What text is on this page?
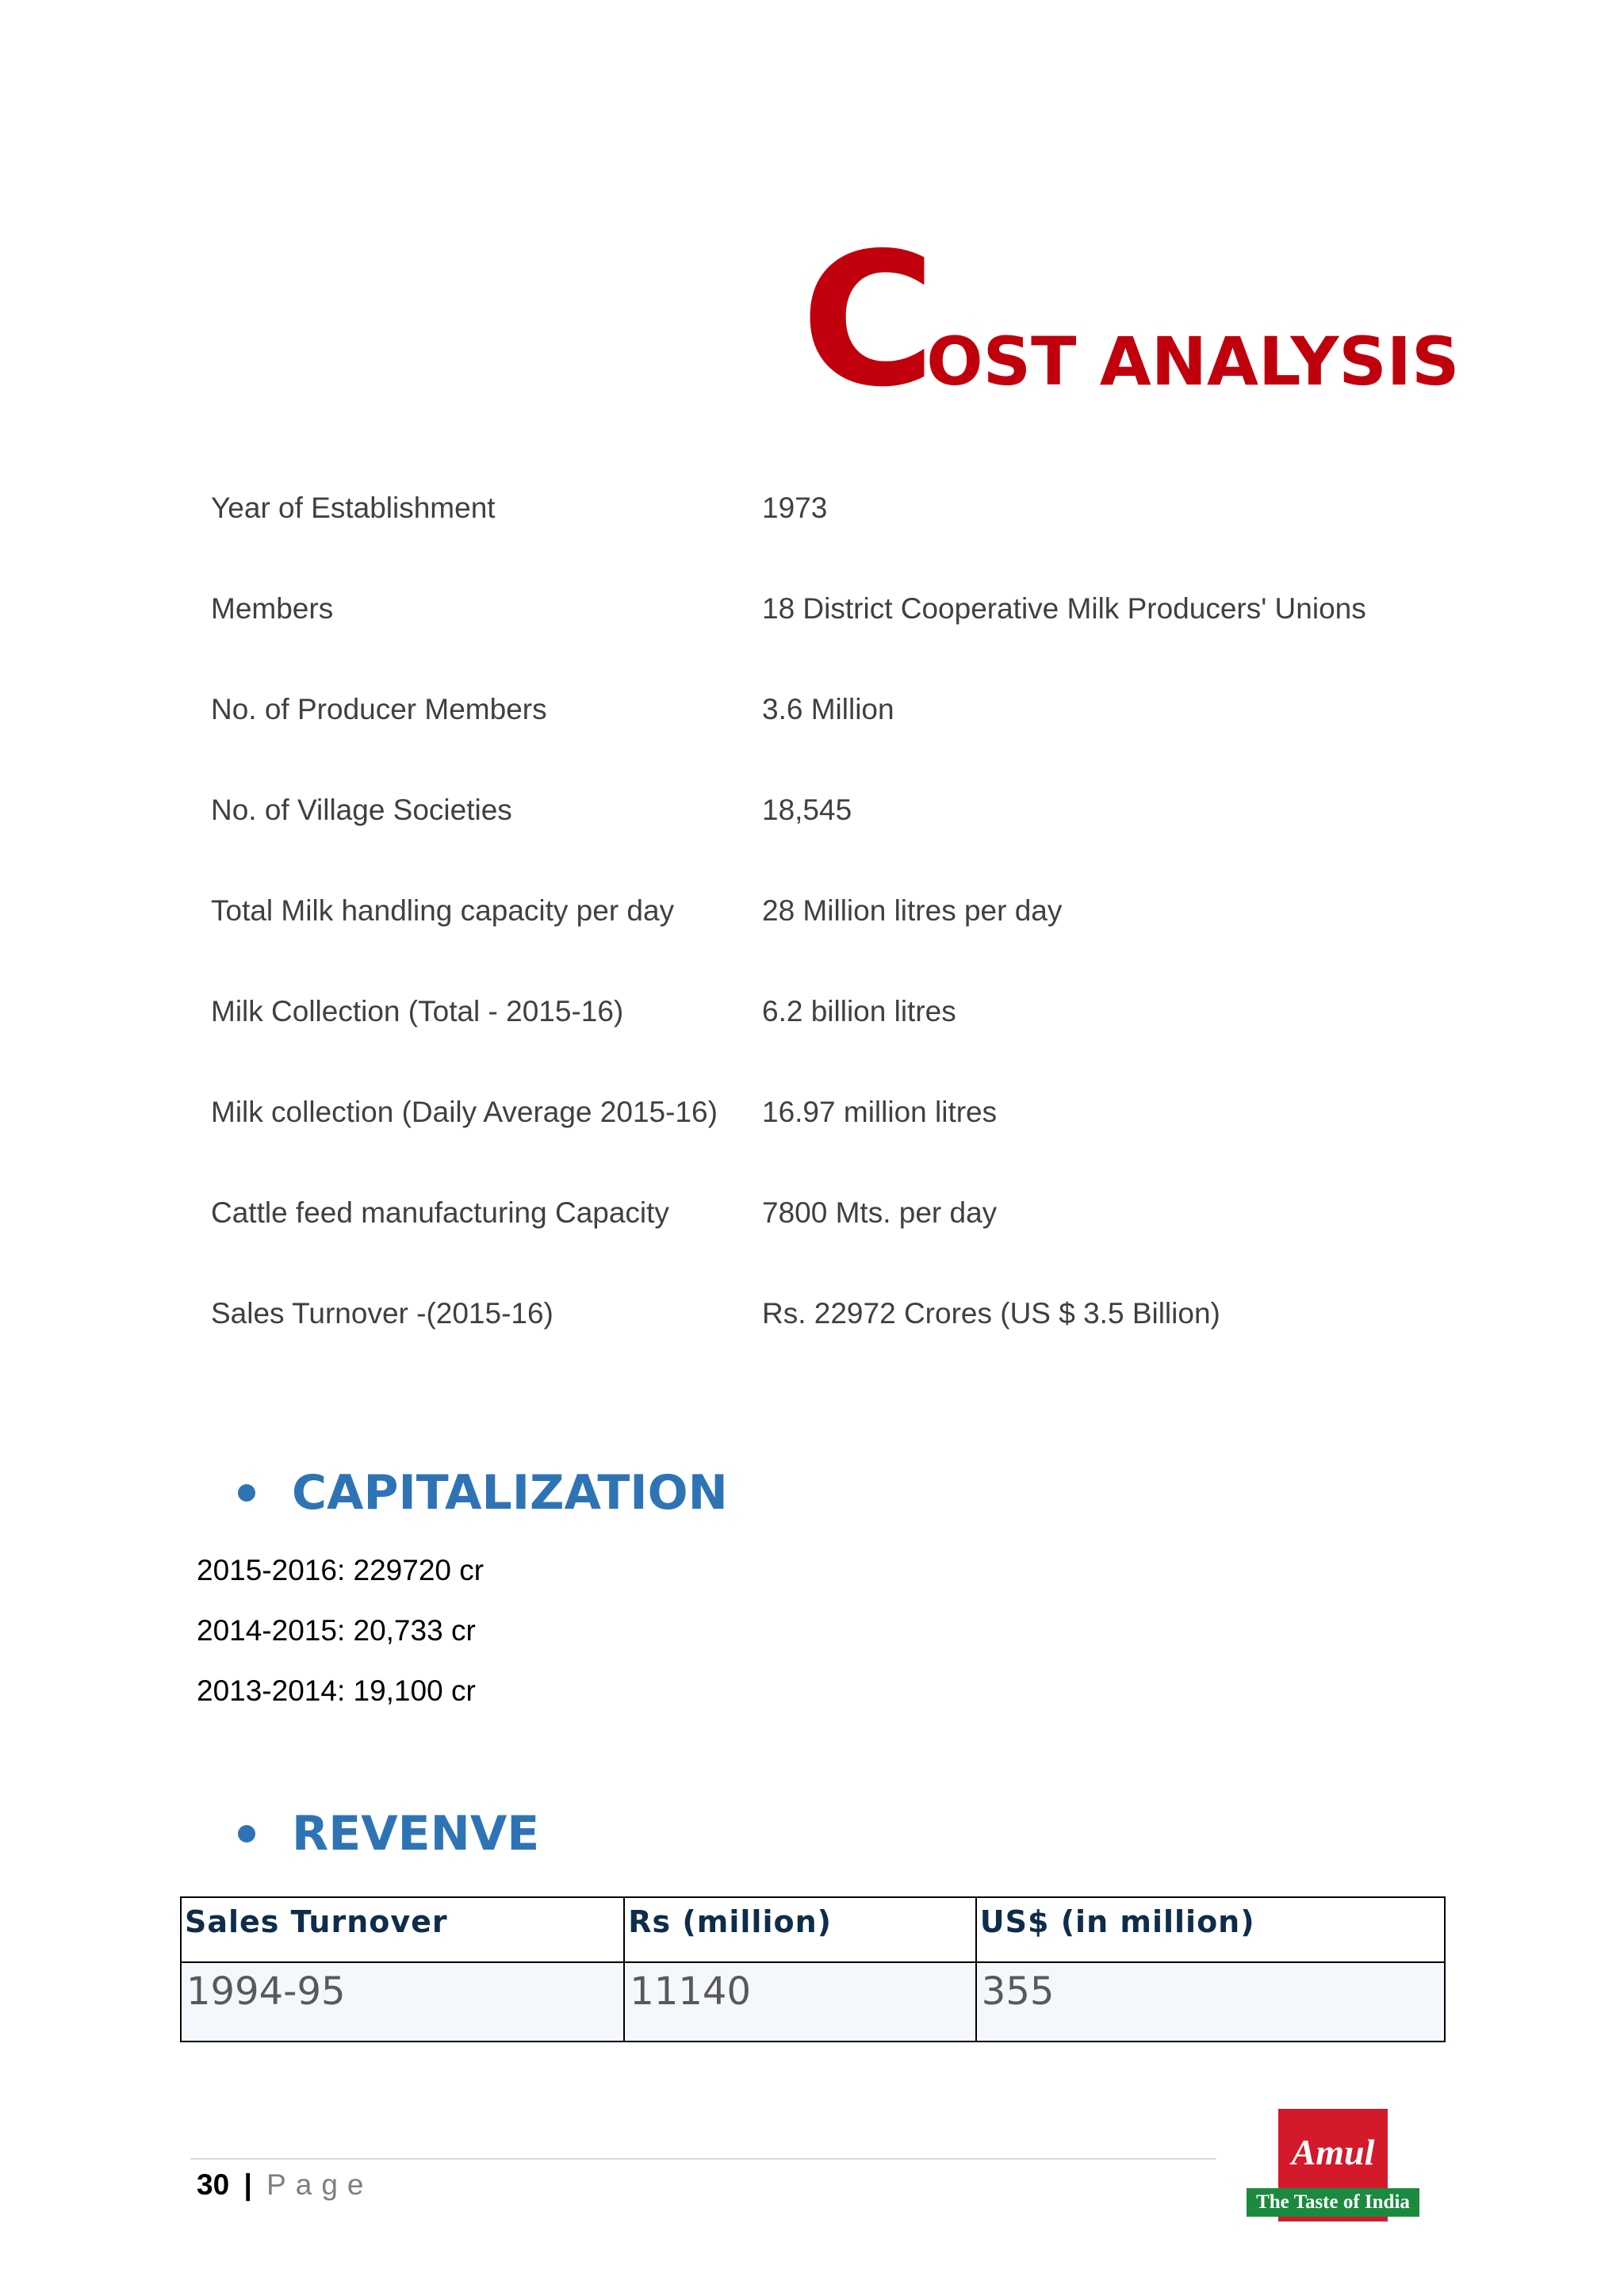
C
OST ANALYSIS
Year of Establishment	1973
Members	18 District Cooperative Milk Producers' Unions
No. of Producer Members	3.6 Million
No. of Village Societies	18,545
Total Milk handling capacity per day	28 Million litres per day
Milk Collection (Total - 2015-16)	6.2 billion litres
Milk collection (Daily Average 2015-16) 16.97 million litres
Cattle feed manufacturing Capacity	7800 Mts. per day
Sales Turnover -(2015-16)	Rs. 22972 Crores (US $ 3.5 Billion)
CAPITALIZATION
2015-2016: 229720 cr
2014-2015: 20,733 cr
2013-2014: 19,100 cr
REVENVE
Sales Turnover	Rs (million)	US$ (in million)
1994-95	11140	355
30 | Page
Amul
The Taste of India
